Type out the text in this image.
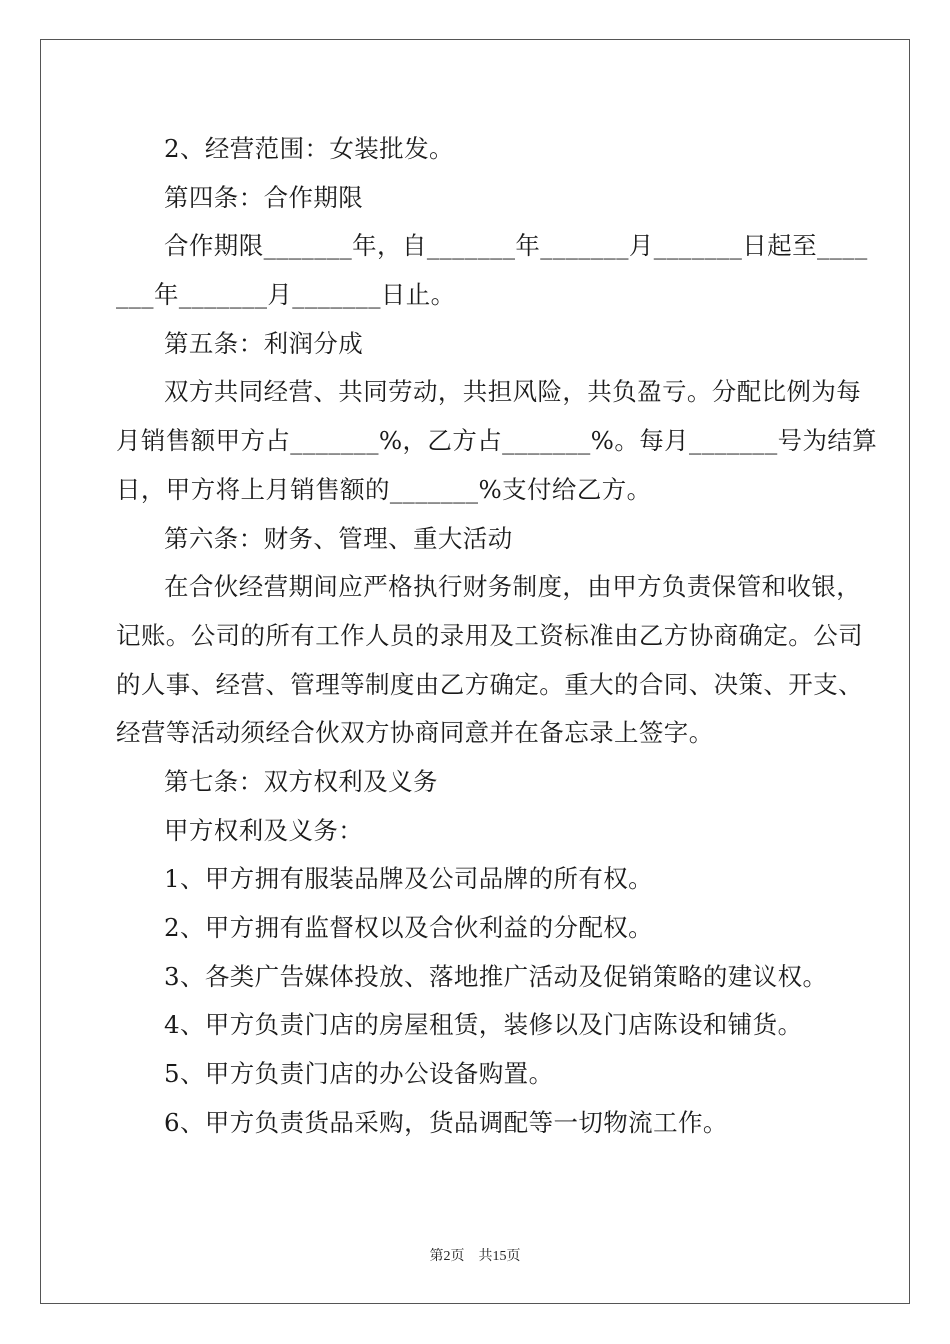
2、经营范围：女装批发。
第四条：合作期限
合作期限_______年，自_______年_______月_______日起至____
___年_______月_______日止。
第五条：利润分成
双方共同经营、共同劳动，共担风险，共负盈亏。分配比例为每
月销售额甲方占_______%，乙方占_______%。每月_______号为结算
日，甲方将上月销售额的_______%支付给乙方。
第六条：财务、管理、重大活动
在合伙经营期间应严格执行财务制度，由甲方负责保管和收银，
记账。公司的所有工作人员的录用及工资标准由乙方协商确定。公司
的人事、经营、管理等制度由乙方确定。重大的合同、决策、开支、
经营等活动须经合伙双方协商同意并在备忘录上签字。
第七条：双方权利及义务
甲方权利及义务：
1、甲方拥有服装品牌及公司品牌的所有权。
2、甲方拥有监督权以及合伙利益的分配权。
3、各类广告媒体投放、落地推广活动及促销策略的建议权。
4、甲方负责门店的房屋租赁，装修以及门店陈设和铺货。
5、甲方负责门店的办公设备购置。
6、甲方负责货品采购，货品调配等一切物流工作。
第2页　共15页
